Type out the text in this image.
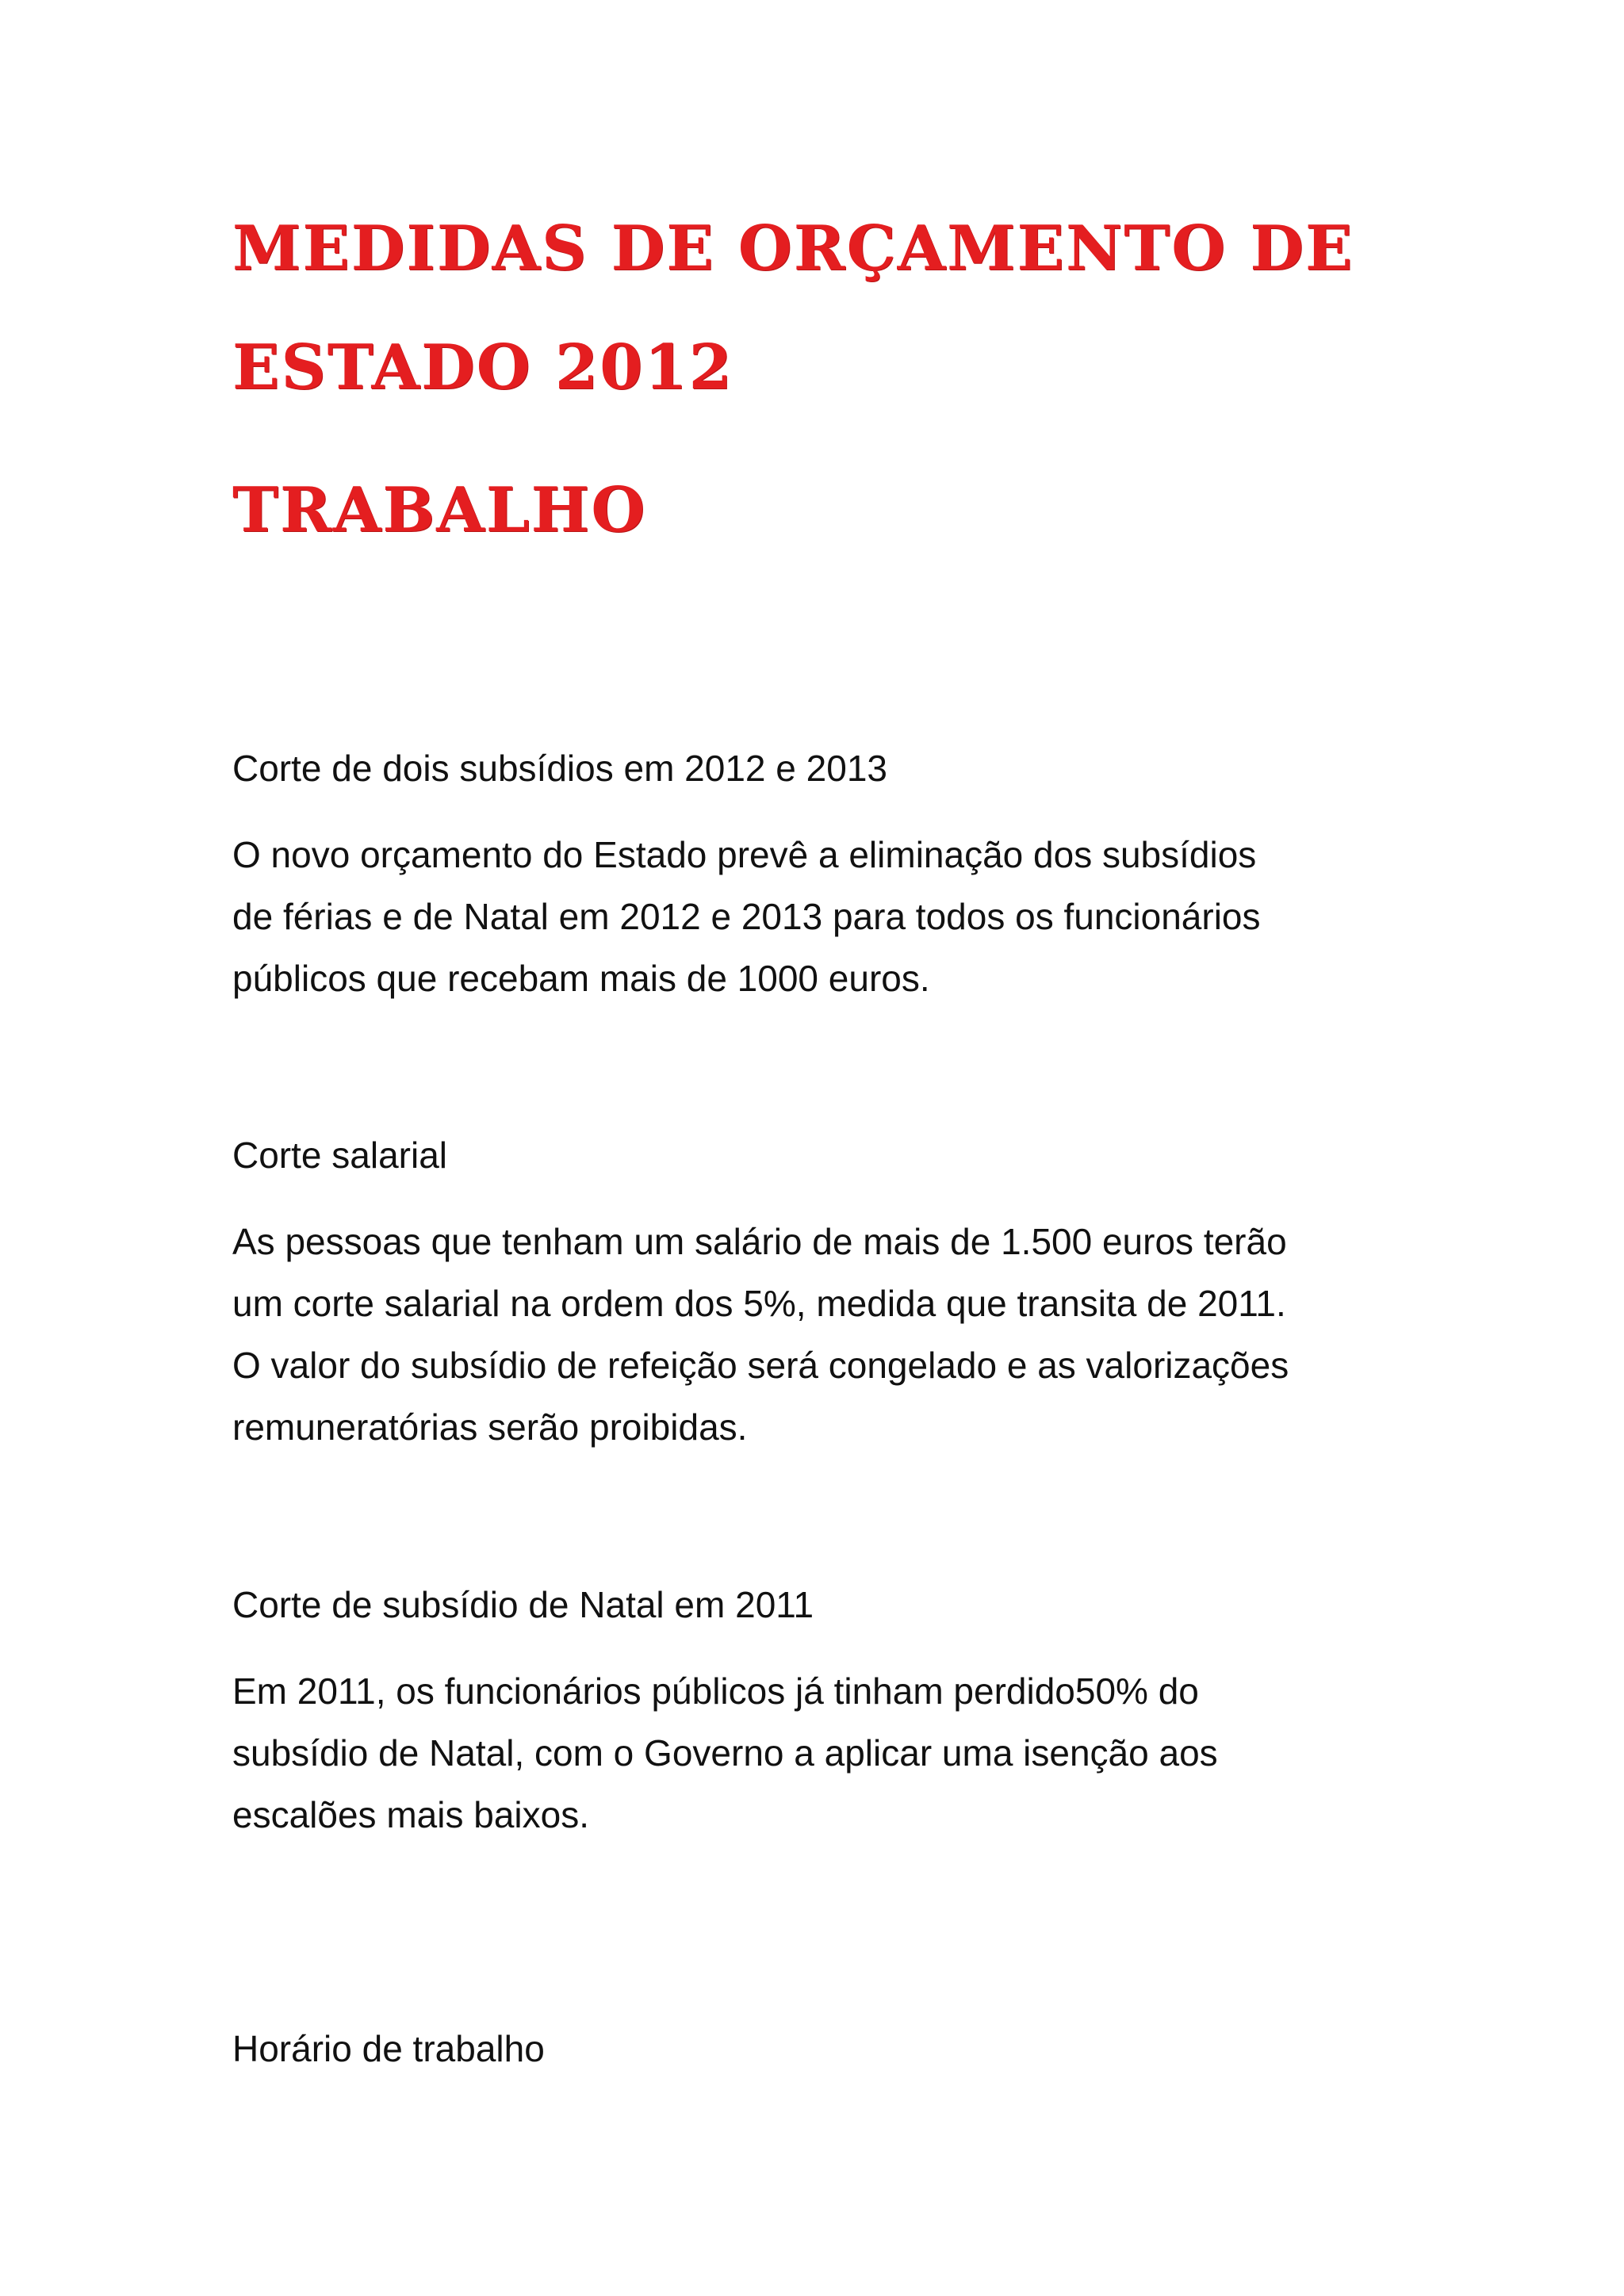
MEDIDAS DE ORÇAMENTO DE
ESTADO 2012
TRABALHO

Corte de dois subsídios em 2012 e 2013

O novo orçamento do Estado prevê a eliminação dos subsídios
de férias e de Natal em 2012 e 2013 para todos os funcionários
públicos que recebam mais de 1000 euros.

Corte salarial

As pessoas que tenham um salário de mais de 1.500 euros terão
um corte salarial na ordem dos 5%, medida que transita de 2011.
O valor do subsídio de refeição será congelado e as valorizações
remuneratórias serão proibidas.

Corte de subsídio de Natal em 2011

Em 2011, os funcionários públicos já tinham perdido50% do
subsídio de Natal, com o Governo a aplicar uma isenção aos
escalões mais baixos.

Horário de trabalho
